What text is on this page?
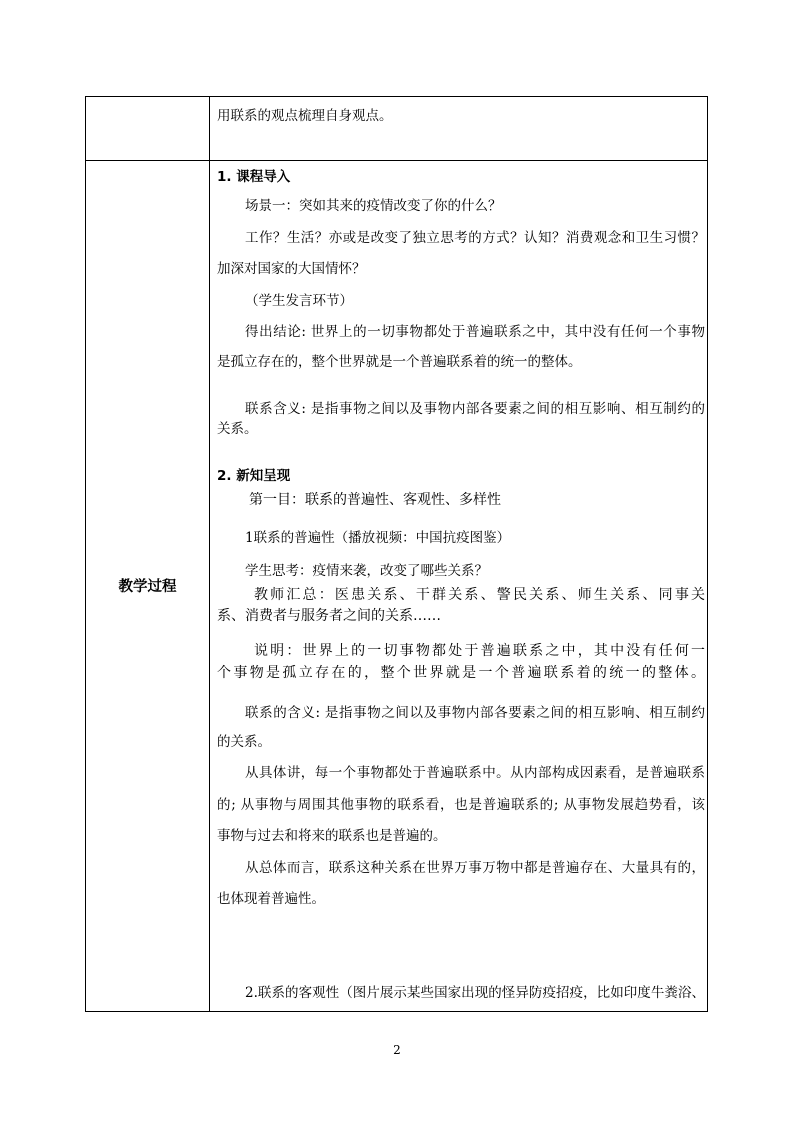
用联系的观点梳理自身观点。
教学过程
1. 课程导入
场景一：突如其来的疫情改变了你的什么？
工作？生活？亦或是改变了独立思考的方式？认知？消费观念和卫生习惯？
加深对国家的大国情怀？
（学生发言环节）
得出结论: 世界上的一切事物都处于普遍联系之中，其中没有任何一个事物
是孤立存在的，整个世界就是一个普遍联系着的统一的整体。
联系含义: 是指事物之间以及事物内部各要素之间的相互影响、相互制约的
关系。
2. 新知呈现
第一目：联系的普遍性、客观性、多样性
1联系的普遍性（播放视频：中国抗疫图鉴）
学生思考：疫情来袭，改变了哪些关系？
教师汇总：医患关系、干群关系、警民关系、师生关系、同事关
系、消费者与服务者之间的关系……
说明：世界上的一切事物都处于普遍联系之中，其中没有任何一
个事物是孤立存在的，整个世界就是一个普遍联系着的统一的整体。
联系的含义: 是指事物之间以及事物内部各要素之间的相互影响、相互制约
的关系。
从具体讲，每一个事物都处于普遍联系中。从内部构成因素看，是普遍联系
的; 从事物与周围其他事物的联系看，也是普遍联系的; 从事物发展趋势看，该
事物与过去和将来的联系也是普遍的。
从总体而言，联系这种关系在世界万事万物中都是普遍存在、大量具有的，
也体现着普遍性。
2.联系的客观性（图片展示某些国家出现的怪异防疫招疫，比如印度牛粪浴、
2
